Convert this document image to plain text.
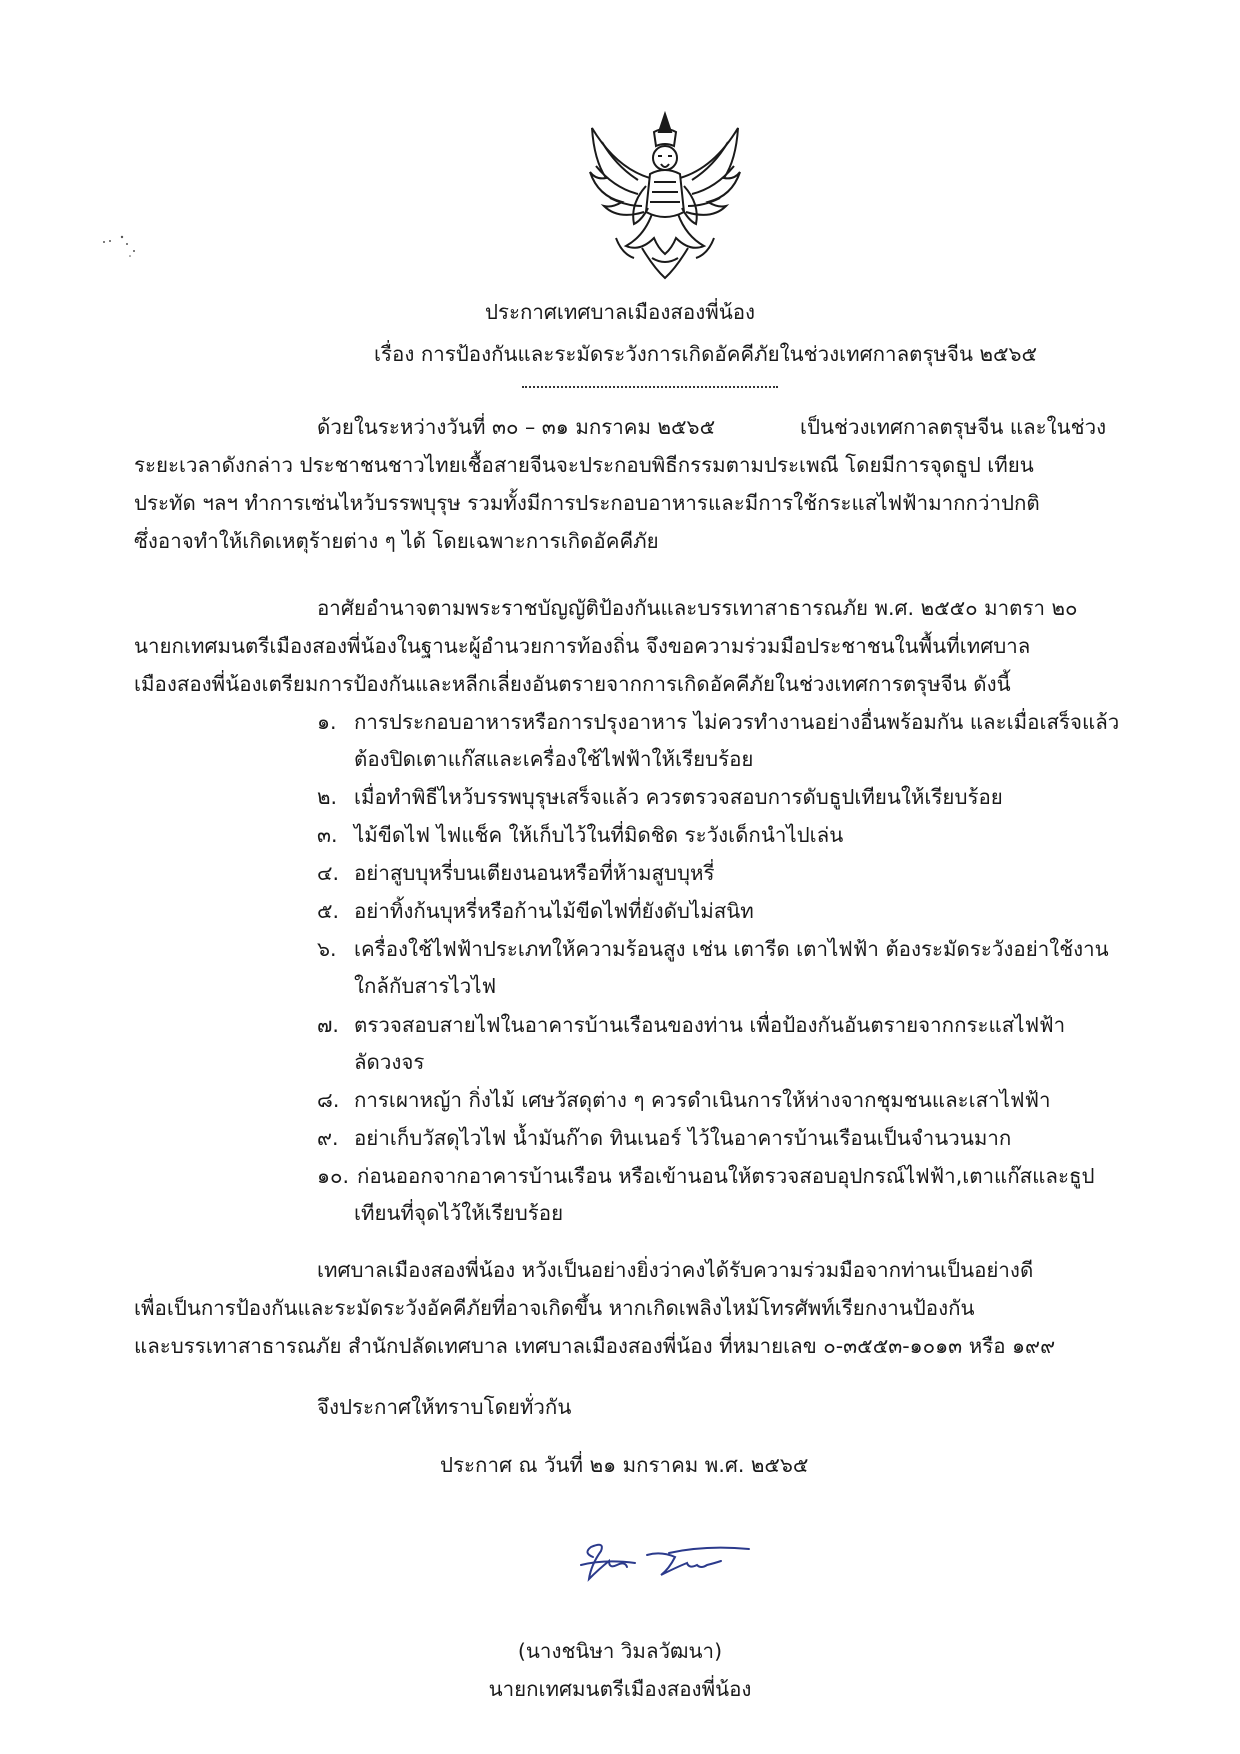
ประกาศเทศบาลเมืองสองพี่น้อง
เรื่อง การป้องกันและระมัดระวังการเกิดอัคคีภัยในช่วงเทศกาลตรุษจีน ๒๕๖๕
ด้วยในระหว่างวันที่ ๓๐ – ๓๑ มกราคม ๒๕๖๕	เป็นช่วงเทศกาลตรุษจีน และในช่วง
ระยะเวลาดังกล่าว ประชาชนชาวไทยเชื้อสายจีนจะประกอบพิธีกรรมตามประเพณี โดยมีการจุดธูป เทียน
ประทัด ฯลฯ ทำการเซ่นไหว้บรรพบุรุษ รวมทั้งมีการประกอบอาหารและมีการใช้กระแสไฟฟ้ามากกว่าปกติ
ซึ่งอาจทำให้เกิดเหตุร้ายต่าง ๆ ได้ โดยเฉพาะการเกิดอัคคีภัย
อาศัยอำนาจตามพระราชบัญญัติป้องกันและบรรเทาสาธารณภัย พ.ศ. ๒๕๕๐ มาตรา ๒๐
นายกเทศมนตรีเมืองสองพี่น้องในฐานะผู้อำนวยการท้องถิ่น จึงขอความร่วมมือประชาชนในพื้นที่เทศบาล
เมืองสองพี่น้องเตรียมการป้องกันและหลีกเลี่ยงอันตรายจากการเกิดอัคคีภัยในช่วงเทศการตรุษจีน ดังนี้
๑. การประกอบอาหารหรือการปรุงอาหาร ไม่ควรทำงานอย่างอื่นพร้อมกัน และเมื่อเสร็จแล้ว
ต้องปิดเตาแก๊สและเครื่องใช้ไฟฟ้าให้เรียบร้อย
๒. เมื่อทำพิธีไหว้บรรพบุรุษเสร็จแล้ว ควรตรวจสอบการดับธูปเทียนให้เรียบร้อย
๓. ไม้ขีดไฟ ไฟแช็ค ให้เก็บไว้ในที่มิดชิด ระวังเด็กนำไปเล่น
๔. อย่าสูบบุหรี่บนเตียงนอนหรือที่ห้ามสูบบุหรี่
๕. อย่าทิ้งก้นบุหรี่หรือก้านไม้ขีดไฟที่ยังดับไม่สนิท
๖. เครื่องใช้ไฟฟ้าประเภทให้ความร้อนสูง เช่น เตารีด เตาไฟฟ้า ต้องระมัดระวังอย่าใช้งาน
ใกล้กับสารไวไฟ
๗. ตรวจสอบสายไฟในอาคารบ้านเรือนของท่าน เพื่อป้องกันอันตรายจากกระแสไฟฟ้า
ลัดวงจร
๘. การเผาหญ้า กิ่งไม้ เศษวัสดุต่าง ๆ ควรดำเนินการให้ห่างจากชุมชนและเสาไฟฟ้า
๙. อย่าเก็บวัสดุไวไฟ น้ำมันก๊าด ทินเนอร์ ไว้ในอาคารบ้านเรือนเป็นจำนวนมาก
๑๐. ก่อนออกจากอาคารบ้านเรือน หรือเข้านอนให้ตรวจสอบอุปกรณ์ไฟฟ้า,เตาแก๊สและธูป
เทียนที่จุดไว้ให้เรียบร้อย
เทศบาลเมืองสองพี่น้อง หวังเป็นอย่างยิ่งว่าคงได้รับความร่วมมือจากท่านเป็นอย่างดี
เพื่อเป็นการป้องกันและระมัดระวังอัคคีภัยที่อาจเกิดขึ้น หากเกิดเพลิงไหม้โทรศัพท์เรียกงานป้องกัน
และบรรเทาสาธารณภัย สำนักปลัดเทศบาล เทศบาลเมืองสองพี่น้อง ที่หมายเลข ๐-๓๕๕๓-๑๐๑๓ หรือ ๑๙๙
จึงประกาศให้ทราบโดยทั่วกัน
ประกาศ ณ วันที่ ๒๑ มกราคม พ.ศ. ๒๕๖๕
(นางชนิษา วิมลวัฒนา)
นายกเทศมนตรีเมืองสองพี่น้อง
